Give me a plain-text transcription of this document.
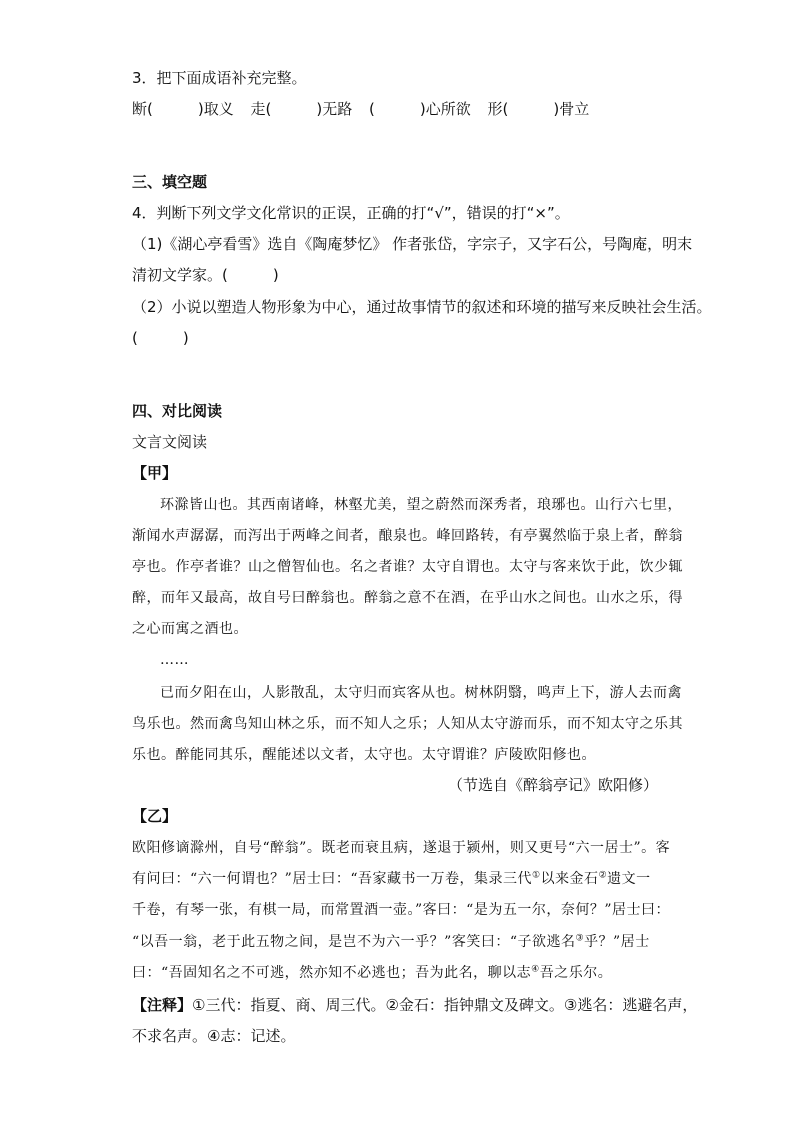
3．把下面成语补充完整。
断(　　　)取义 走(　　　)无路 (　　　)心所欲 形(　　　)骨立
三、填空题
4．判断下列文学文化常识的正误，正确的打“√”，错误的打“×”。
（1)《湖心亭看雪》选自《陶庵梦忆》 作者张岱，字宗子，又字石公，号陶庵，明末
清初文学家。(　　　)
（2）小说以塑造人物形象为中心，通过故事情节的叙述和环境的描写来反映社会生活。
(　　　)
四、对比阅读
文言文阅读
【甲】
环滁皆山也。其西南诸峰，林壑尤美，望之蔚然而深秀者，琅琊也。山行六七里，
渐闻水声潺潺，而泻出于两峰之间者，酿泉也。峰回路转，有亭翼然临于泉上者，醉翁
亭也。作亭者谁？山之僧智仙也。名之者谁？太守自谓也。太守与客来饮于此，饮少辄
醉，而年又最高，故自号曰醉翁也。醉翁之意不在酒，在乎山水之间也。山水之乐，得
之心而寓之酒也。
……
已而夕阳在山，人影散乱，太守归而宾客从也。树林阴翳，鸣声上下，游人去而禽
鸟乐也。然而禽鸟知山林之乐，而不知人之乐；人知从太守游而乐，而不知太守之乐其
乐也。醉能同其乐，醒能述以文者，太守也。太守谓谁？庐陵欧阳修也。
（节选自《醉翁亭记》欧阳修）
【乙】
欧阳修谪滁州，自号“醉翁”。既老而衰且病，遂退于颍州，则又更号“六一居士”。客
有问曰：“六一何谓也？”居士曰：“吾家藏书一万卷，集录三代①以来金石②遗文一
千卷，有琴一张，有棋一局，而常置酒一壶。”客曰：“是为五一尔，奈何？”居士曰：
“以吾一翁，老于此五物之间，是岂不为六一乎？”客笑曰：“子欲逃名③乎？”居士
曰：“吾固知名之不可逃，然亦知不必逃也；吾为此名，聊以志④吾之乐尔。
【注释】①三代：指夏、商、周三代。②金石：指钟鼎文及碑文。③逃名：逃避名声，
不求名声。④志：记述。
